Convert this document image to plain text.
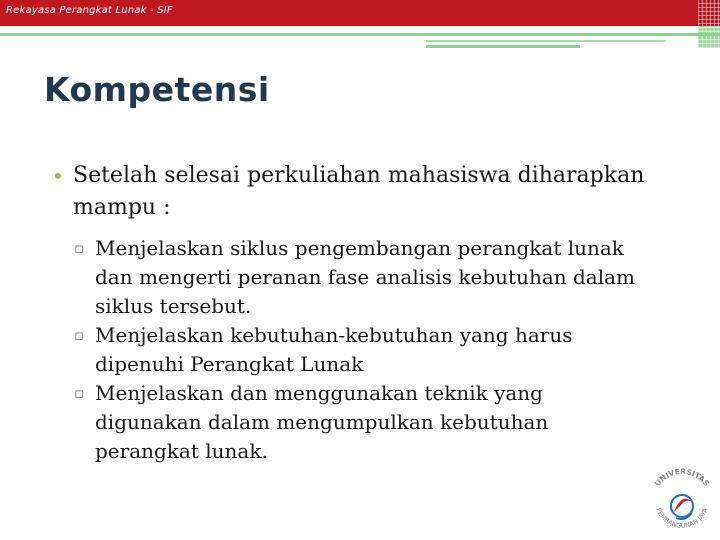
Rekayasa Perangkat Lunak - SIF
Kompetensi
• Setelah selesai perkuliahan mahasiswa diharapkan mampu :
▫ Menjelaskan siklus pengembangan perangkat lunak dan mengerti peranan fase analisis kebutuhan dalam siklus tersebut.
▫ Menjelaskan kebutuhan-kebutuhan yang harus dipenuhi Perangkat Lunak
▫ Menjelaskan dan menggunakan teknik yang digunakan dalam mengumpulkan kebutuhan perangkat lunak.
UNIVERSITAS
PEMBANGUNAN JAYA
